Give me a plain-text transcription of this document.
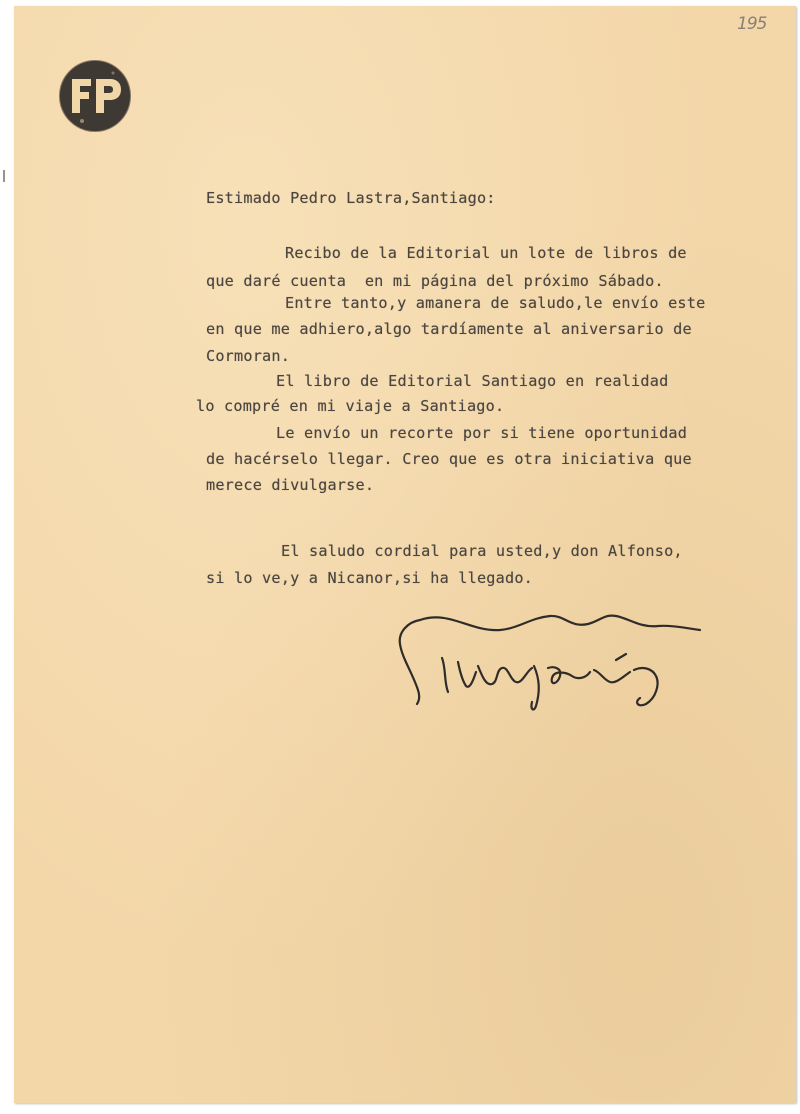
195
Estimado Pedro Lastra,Santiago:
Recibo de la Editorial un lote de libros de
que daré cuenta  en mi página del próximo Sábado.
Entre tanto,y amanera de saludo,le envío este
en que me adhiero,algo tardíamente al aniversario de
Cormoran.
El libro de Editorial Santiago en realidad
lo compré en mi viaje a Santiago.
Le envío un recorte por si tiene oportunidad
de hacérselo llegar. Creo que es otra iniciativa que
merece divulgarse.
El saludo cordial para usted,y don Alfonso,
si lo ve,y a Nicanor,si ha llegado.
